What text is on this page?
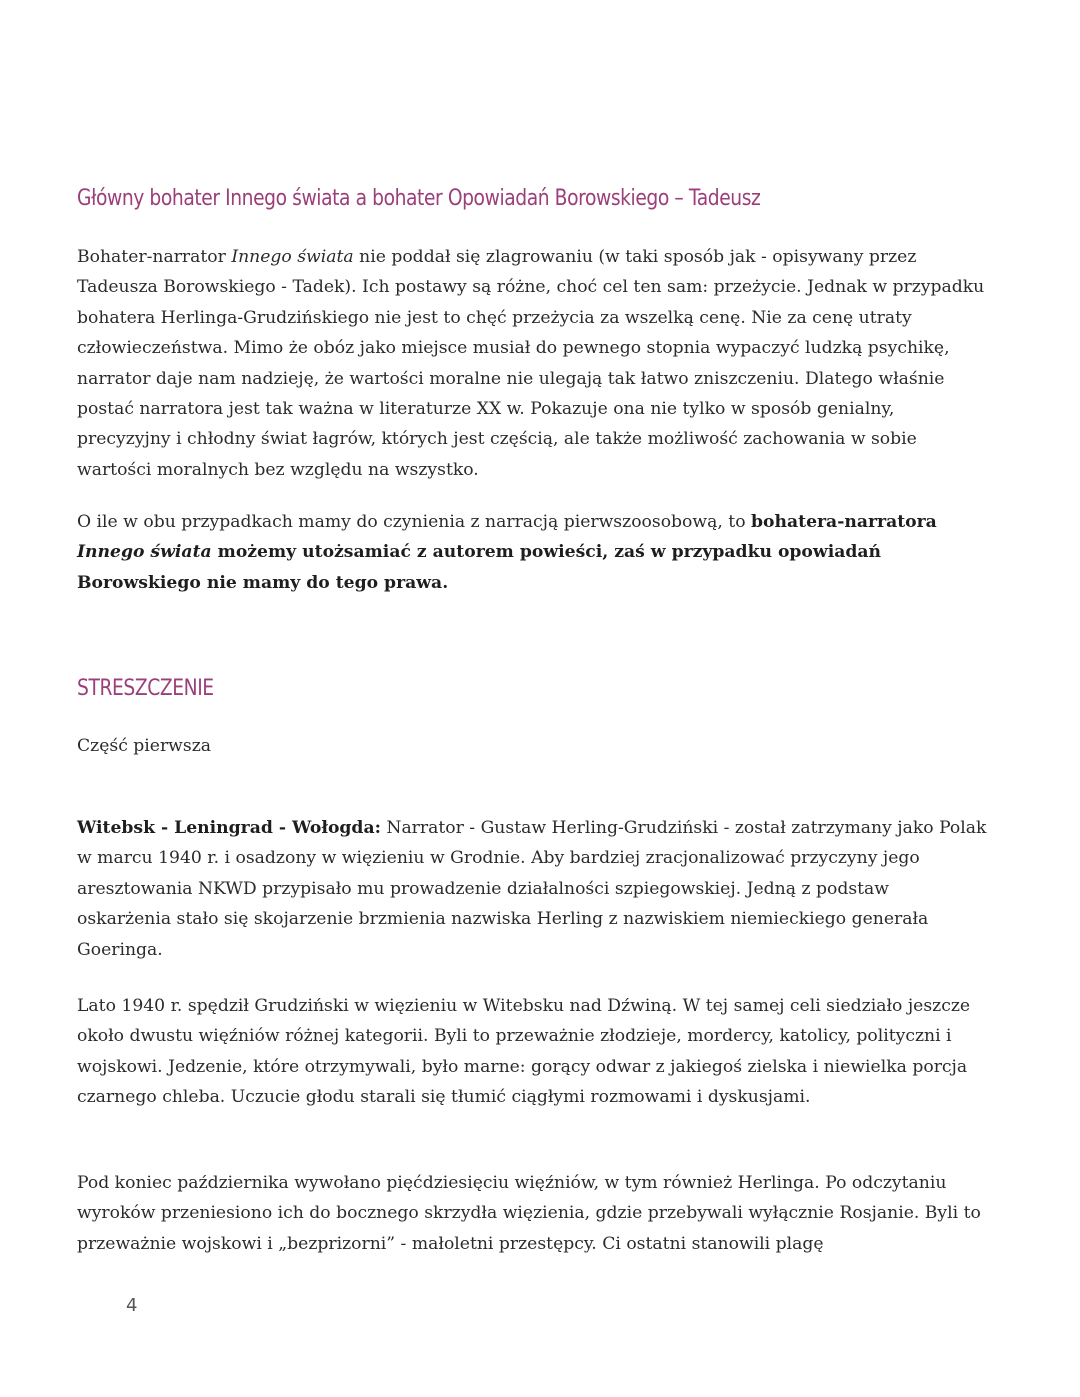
Główny bohater Innego świata a bohater Opowiadań Borowskiego – Tadeusz

Bohater-narrator Innego świata nie poddał się zlagrowaniu (w taki sposób jak - opisywany przez Tadeusza Borowskiego - Tadek). Ich postawy są różne, choć cel ten sam: przeżycie. Jednak w przypadku bohatera Herlinga-Grudzińskiego nie jest to chęć przeżycia za wszelką cenę. Nie za cenę utraty człowieczeństwa. Mimo że obóz jako miejsce musiał do pewnego stopnia wypaczyć ludzką psychikę, narrator daje nam nadzieję, że wartości moralne nie ulegają tak łatwo zniszczeniu. Dlatego właśnie postać narratora jest tak ważna w literaturze XX w. Pokazuje ona nie tylko w sposób genialny, precyzyjny i chłodny świat łagrów, których jest częścią, ale także możliwość zachowania w sobie wartości moralnych bez względu na wszystko.

O ile w obu przypadkach mamy do czynienia z narracją pierwszoosobową, to bohatera-narratora Innego świata możemy utożsamiać z autorem powieści, zaś w przypadku opowiadań Borowskiego nie mamy do tego prawa.

STRESZCZENIE

Część pierwsza

Witebsk - Leningrad - Wołogda: Narrator - Gustaw Herling-Grudziński - został zatrzymany jako Polak w marcu 1940 r. i osadzony w więzieniu w Grodnie. Aby bardziej zracjonalizować przyczyny jego aresztowania NKWD przypisało mu prowadzenie działalności szpiegowskiej. Jedną z podstaw oskarżenia stało się skojarzenie brzmienia nazwiska Herling z nazwiskiem niemieckiego generała Goeringa.

Lato 1940 r. spędził Grudziński w więzieniu w Witebsku nad Dźwiną. W tej samej celi siedziało jeszcze około dwustu więźniów różnej kategorii. Byli to przeważnie złodzieje, mordercy, katolicy, polityczni i wojskowi. Jedzenie, które otrzymywali, było marne: gorący odwar z jakiegoś zielska i niewielka porcja czarnego chleba. Uczucie głodu starali się tłumić ciągłymi rozmowami i dyskusjami.

Pod koniec października wywołano pięćdziesięciu więźniów, w tym również Herlinga. Po odczytaniu wyroków przeniesiono ich do bocznego skrzydła więzienia, gdzie przebywali wyłącznie Rosjanie. Byli to przeważnie wojskowi i „bezprizorni” - małoletni przestępcy. Ci ostatni stanowili plagę

4
